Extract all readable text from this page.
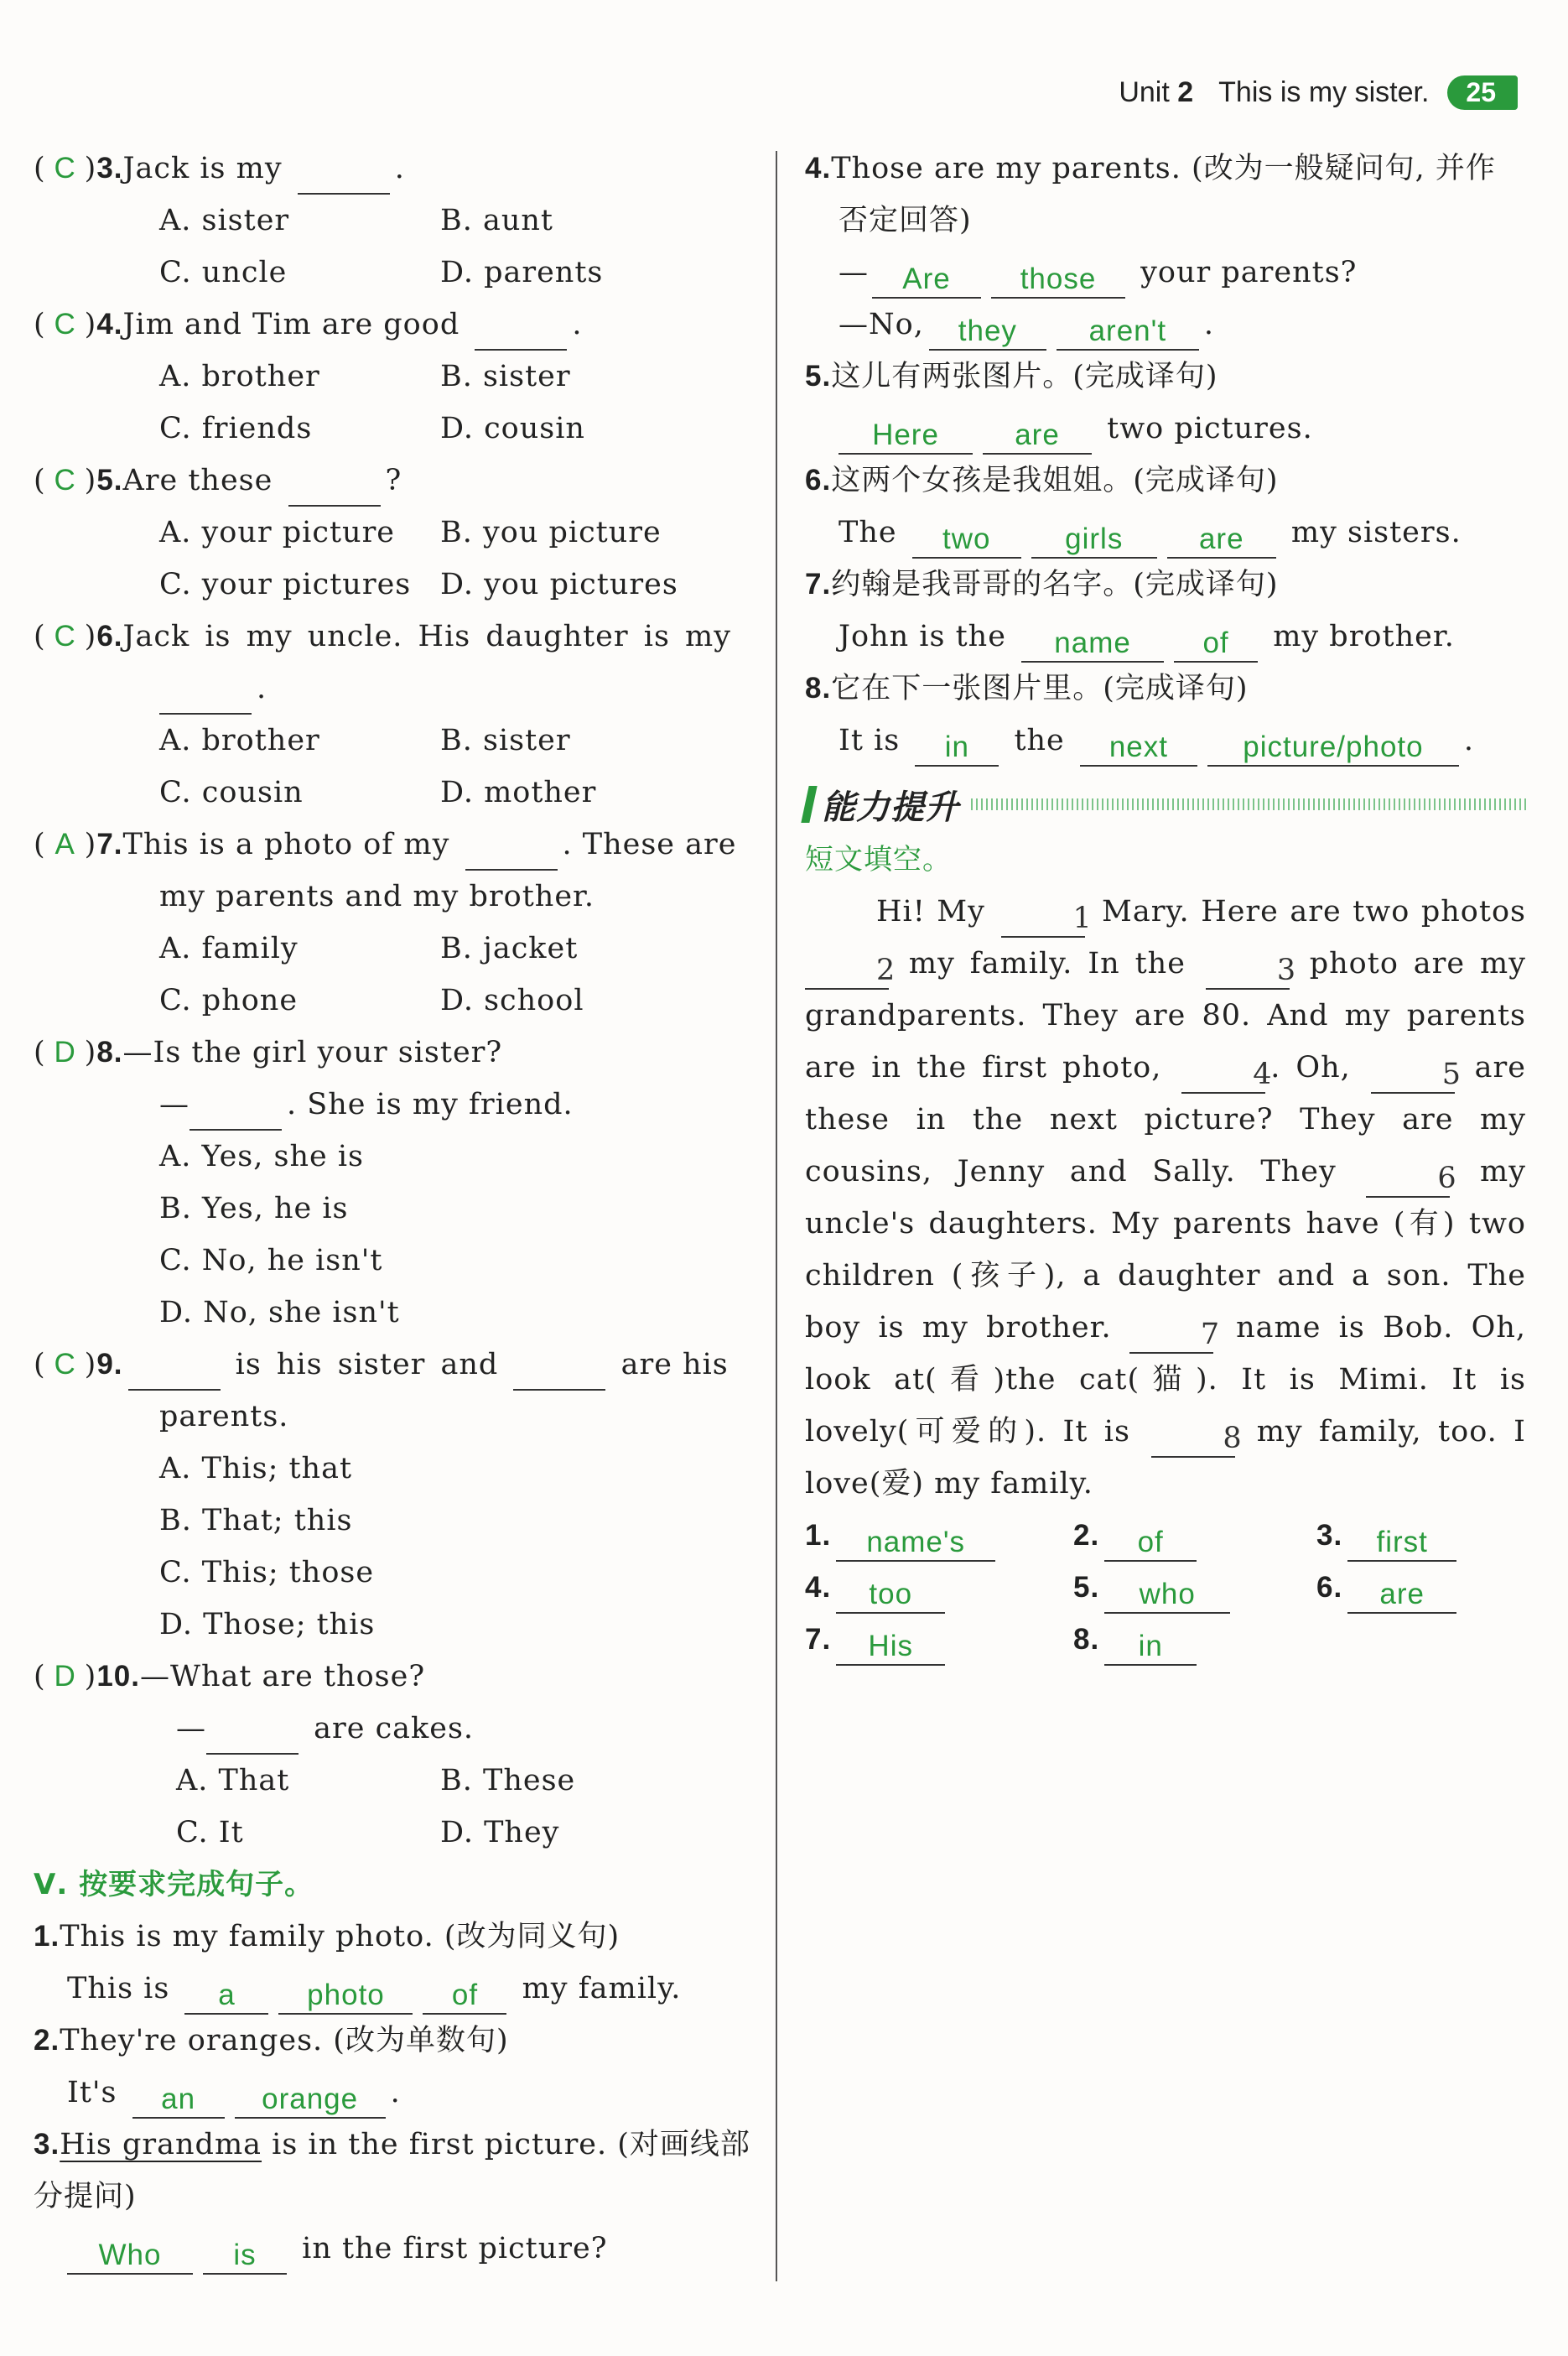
Unit 2 This is my sister.	25
( C )3.Jack is my	.
A. sister	B. aunt
C. uncle	D. parents
( C )4.Jim and Tim are good	.
A. brother	B. sister
C. friends	D. cousin
( C )5.Are these	?
A. your picture B. you picture
C. your pictures D. you pictures
( C )6.Jack is my uncle. His daughter is my
.
A. brother	B. sister
C. cousin	D. mother
( A )7.This is a photo of my	. These are
my parents and my brother.
A. family	B. jacket
C. phone	D. school
( D )8.—Is the girl your sister?
—	. She is my friend.
A. Yes, she is
B. Yes, he is
C. No, he isn't
D. No, she isn't
( C )9.	is his sister and	are his
parents.
A. This; that
B. That; this
C. This; those
D. Those; this
( D )10.—What are those?
—	are cakes.
A. That	B. These
C. It	D. They
Ⅴ. 按要求完成句子。
1.This is my family photo. (改为同义句)
This is a photo of my family.
2.They're oranges. (改为单数句)
It's an orange .
3.His grandma is in the first picture. (对画线部
分提问)
Who is in the first picture?
4.Those are my parents. (改为一般疑问句, 并作
否定回答)
— Are those your parents?
—No, they aren't .
5.这儿有两张图片。(完成译句)
Here	are two pictures.
6.这两个女孩是我姐姐。(完成译句)
The two	girls	are my sisters.
7.约翰是我哥哥的名字。(完成译句)
John is the name of my brother.
8.它在下一张图片里。(完成译句)
It is in the next	picture/photo .
能力提升
短文填空。
Hi! My	1 Mary. Here are two photos 2 my family. In the	3 photo are my grandparents. They are 80. And my parents are in the first photo,	4. Oh,	5 are these in the next picture? They are my cousins, Jenny and Sally. They	6 my uncle's daughters. My parents have (有) two children (孩子), a daughter and a son. The boy is my brother.	7 name is Bob. Oh, look at(看)the cat(猫). It is Mimi. It is lovely(可爱的). It is	8 my family, too. I love(爱) my family.
1. name's	2. of	3. first
4. too	5. who	6. are
7. His	8. in
